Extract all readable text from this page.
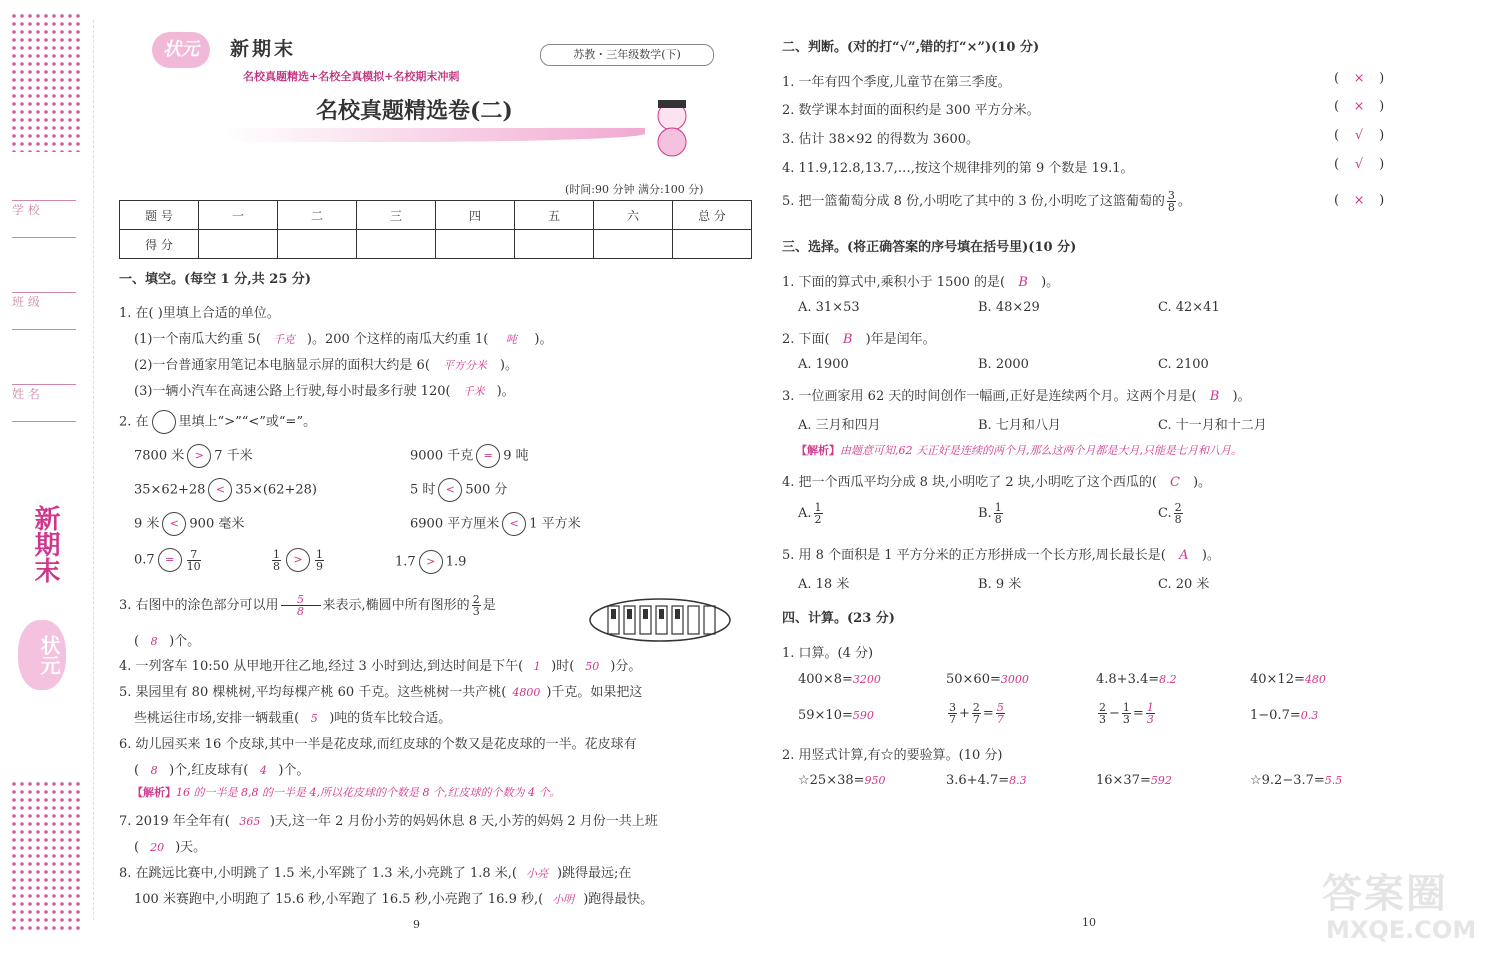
学 校
班 级
姓 名
新期末
状元
状元	新期末
名校真题精选+名校全真模拟+名校期末冲刺
苏教・三年级数学(下)
名校真题精选卷(二)
(时间:90 分钟 满分:100 分)
题 号	一	二	三	四	五	六	总 分
得 分							
一、填空。(每空 1 分,共 25 分)
1. 在( )里填上合适的单位。
(1)一个南瓜大约重 5( 千克 )。200 个这样的南瓜大约重 1( 吨 )。
(2)一台普通家用笔记本电脑显示屏的面积大约是 6( 平方分米 )。
(3)一辆小汽车在高速公路上行驶,每小时最多行驶 120( 千米 )。
2. 在 里填上“>”“<”或“=”。
7800 米 > 7 千米	9000 千克 = 9 吨
35×62+28 < 35×(62+28)	5 时 < 500 分
9 米 < 900 毫米	6900 平方厘米 < 1 平方米
$0.7 = \frac{7}{10}$	$\frac{1}{8} > \frac{1}{9}$	1.7 > 1.9
3. 右图中的涂色部分可以用 $\frac{5}{8}$ 来表示,椭圆中所有图形的 $\frac{2}{3}$ 是
( 8 )个。
4. 一列客车 10:50 从甲地开往乙地,经过 3 小时到达,到达时间是下午( 1 )时( 50 )分。
5. 果园里有 80 棵桃树,平均每棵产桃 60 千克。这些桃树一共产桃( 4800 )千克。如果把这
些桃运往市场,安排一辆载重( 5 )吨的货车比较合适。
6. 幼儿园买来 16 个皮球,其中一半是花皮球,而红皮球的个数又是花皮球的一半。花皮球有
( 8 )个,红皮球有( 4 )个。
【解析】16 的一半是 8,8 的一半是 4,所以花皮球的个数是 8 个,红皮球的个数为 4 个。
7. 2019 年全年有( 365 )天,这一年 2 月份小芳的妈妈休息 8 天,小芳的妈妈 2 月份一共上班
( 20 )天。
8. 在跳远比赛中,小明跳了 1.5 米,小军跳了 1.3 米,小亮跳了 1.8 米,( 小亮 )跳得最远;在
100 米赛跑中,小明跑了 15.6 秒,小军跑了 16.5 秒,小亮跑了 16.9 秒,( 小明 )跑得最快。
9
二、判断。(对的打“√”,错的打“×”)(10 分)
1. 一年有四个季度,儿童节在第三季度。	( × )
2. 数学课本封面的面积约是 300 平方分米。	( × )
3. 估计 38×92 的得数为 3600。	( √ )
4. 11.9,12.8,13.7,…,按这个规律排列的第 9 个数是 19.1。	( √ )
5. 把一篮葡萄分成 8 份,小明吃了其中的 3 份,小明吃了这篮葡萄的 $\frac{3}{8}$ 。	( × )
三、选择。(将正确答案的序号填在括号里)(10 分)
1. 下面的算式中,乘积小于 1500 的是( B )。
A. 31×53	B. 48×29	C. 42×41
2. 下面( B )年是闰年。
A. 1900	B. 2000	C. 2100
3. 一位画家用 62 天的时间创作一幅画,正好是连续两个月。这两个月是( B )。
A. 三月和四月	B. 七月和八月	C. 十一月和十二月
【解析】由题意可知,62 天正好是连续的两个月,那么这两个月都是大月,只能是七月和八月。
4. 把一个西瓜平均分成 8 块,小明吃了 2 块,小明吃了这个西瓜的( C )。
A. $\frac{1}{2}$	B. $\frac{1}{8}$	C. $\frac{2}{8}$
5. 用 8 个面积是 1 平方分米的正方形拼成一个长方形,周长最长是( A )。
A. 18 米	B. 9 米	C. 20 米
四、计算。(23 分)
1. 口算。(4 分)
400×8=3200	50×60=3000	4.8+3.4=8.2	40×12=480
59×10=590	$\frac{3}{7} + \frac{2}{7} = \frac{5}{7}$	$\frac{2}{3} - \frac{1}{3} = \frac{1}{3}$	1−0.7=0.3
2. 用竖式计算,有☆的要验算。(10 分)
☆25×38=950	3.6+4.7=8.3	16×37=592	☆9.2−3.7=5.5
10
答案圈
MXQE.COM
